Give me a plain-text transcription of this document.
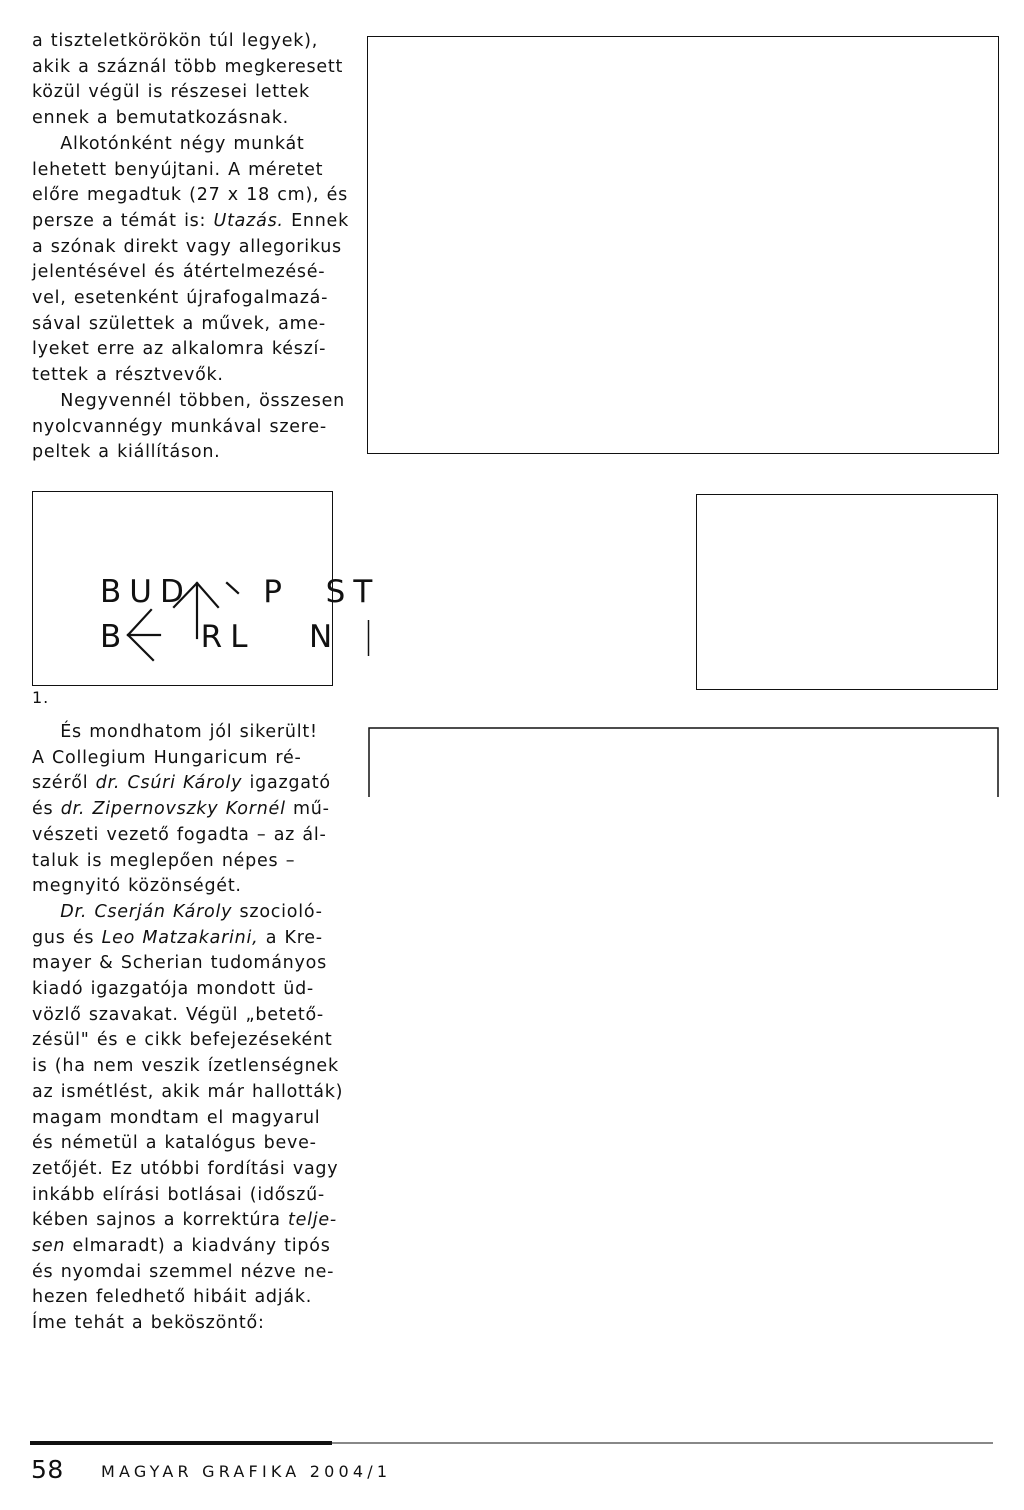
a tiszteletkörökön túl legyek),
akik a száznál több megkeresett
közül végül is részesei lettek
ennek a bemutatkozásnak.
Alkotónként négy munkát
lehetett benyújtani. A méretet
előre megadtuk (27 x 18 cm), és
persze a témát is: Utazás. Ennek
a szónak direkt vagy allegorikus
jelentésével és átértelmezésé-
vel, esetenként újrafogalmazá-
sával születtek a művek, ame-
lyeket erre az alkalomra készí-
tettek a résztvevők.
Negyvennél többen, összesen
nyolcvannégy munkával szere-
peltek a kiállításon.
BUD    P  ST
B    RL   N

1.

És mondhatom jól sikerült!
A Collegium Hungaricum ré-
széről dr. Csúri Károly igazgató
és dr. Zipernovszky Kornél mű-
vészeti vezető fogadta – az ál-
taluk is meglepően népes –
megnyitó közönségét.
Dr. Cserján Károly szocioló-
gus és Leo Matzakarini, a Kre-
mayer & Scherian tudományos
kiadó igazgatója mondott üd-
vözlő szavakat. Végül „betető-
zésül" és e cikk befejezéseként
is (ha nem veszik ízetlenségnek
az ismétlést, akik már hallották)
magam mondtam el magyarul
és németül a katalógus beve-
zetőjét. Ez utóbbi fordítási vagy
inkább elírási botlásai (időszű-
kében sajnos a korrektúra telje-
sen elmaradt) a kiadvány tipós
és nyomdai szemmel nézve ne-
hezen feledhető hibáit adják.
Íme tehát a beköszöntő:

58 MAGYAR GRAFIKA 2004/1
